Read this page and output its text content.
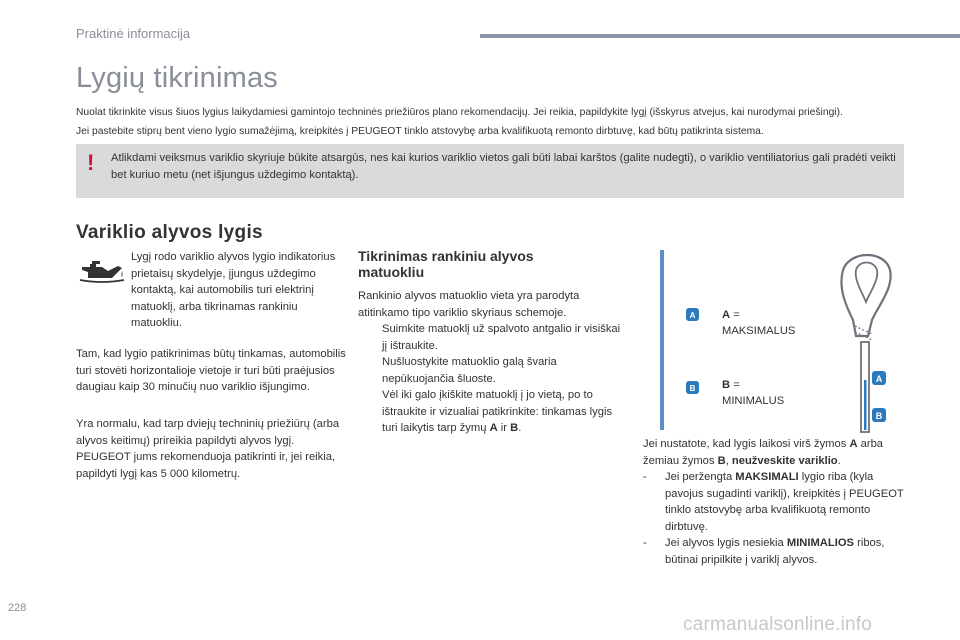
Praktinė informacija
Lygių tikrinimas

Nuolat tikrinkite visus šiuos lygius laikydamiesi gamintojo techninės priežiūros plano rekomendacijų. Jei reikia, papildykite lygį (išskyrus atvejus, kai nurodymai priešingi).

Jei pastebite stiprų bent vieno lygio sumažėjimą, kreipkitės į PEUGEOT tinklo atstovybę arba kvalifikuotą remonto dirbtuvę, kad būtų patikrinta sistema.

! Atlikdami veiksmus variklio skyriuje būkite atsargūs, nes kai kurios variklio vietos gali būti labai karštos (galite nudegti), o variklio ventiliatorius gali pradėti veikti bet kuriuo metu (net išjungus uždegimo kontaktą).
Variklio alyvos lygis
Lygį rodo variklio alyvos lygio indikatorius prietaisų skydelyje, įjungus uždegimo kontaktą, kai automobilis turi elektrinį matuoklį, arba tikrinamas rankiniu matuokliu.
Tam, kad lygio patikrinimas būtų tinkamas, automobilis turi stovėti horizontalioje vietoje ir turi būti praėjusios daugiau kaip 30 minučių nuo variklio išjungimo.
Yra normalu, kad tarp dviejų techninių priežiūrų (arba alyvos keitimų) prireikia papildyti alyvos lygį. PEUGEOT jums rekomenduoja patikrinti ir, jei reikia, papildyti lygį kas 5 000 kilometrų.
Tikrinimas rankiniu alyvos matuokliu

Rankinio alyvos matuoklio vieta yra parodyta atitinkamo tipo variklio skyriaus schemoje.

Suimkite matuoklį už spalvoto antgalio ir visiškai jį ištraukite.

Nušluostykite matuoklio galą švaria nepūkuojančia šluoste.

Vėl iki galo įkiškite matuoklį į jo vietą, po to ištraukite ir vizualiai patikrinkite: tinkamas lygis turi laikytis tarp žymų A ir B.

A
B
A
B
A =
MAKSIMALUS
B =
MINIMALUS

Jei nustatote, kad lygis laikosi virš žymos A arba žemiau žymos B, neužveskite variklio.

- Jei peržengta MAKSIMALI lygio riba (kyla pavojus sugadinti variklį), kreipkitės į PEUGEOT tinklo atstovybę arba kvalifikuotą remonto dirbtuvę.

- Jei alyvos lygis nesiekia MINIMALIOS ribos, būtinai pripilkite į variklį alyvos.

228
carmanualsonline.info
